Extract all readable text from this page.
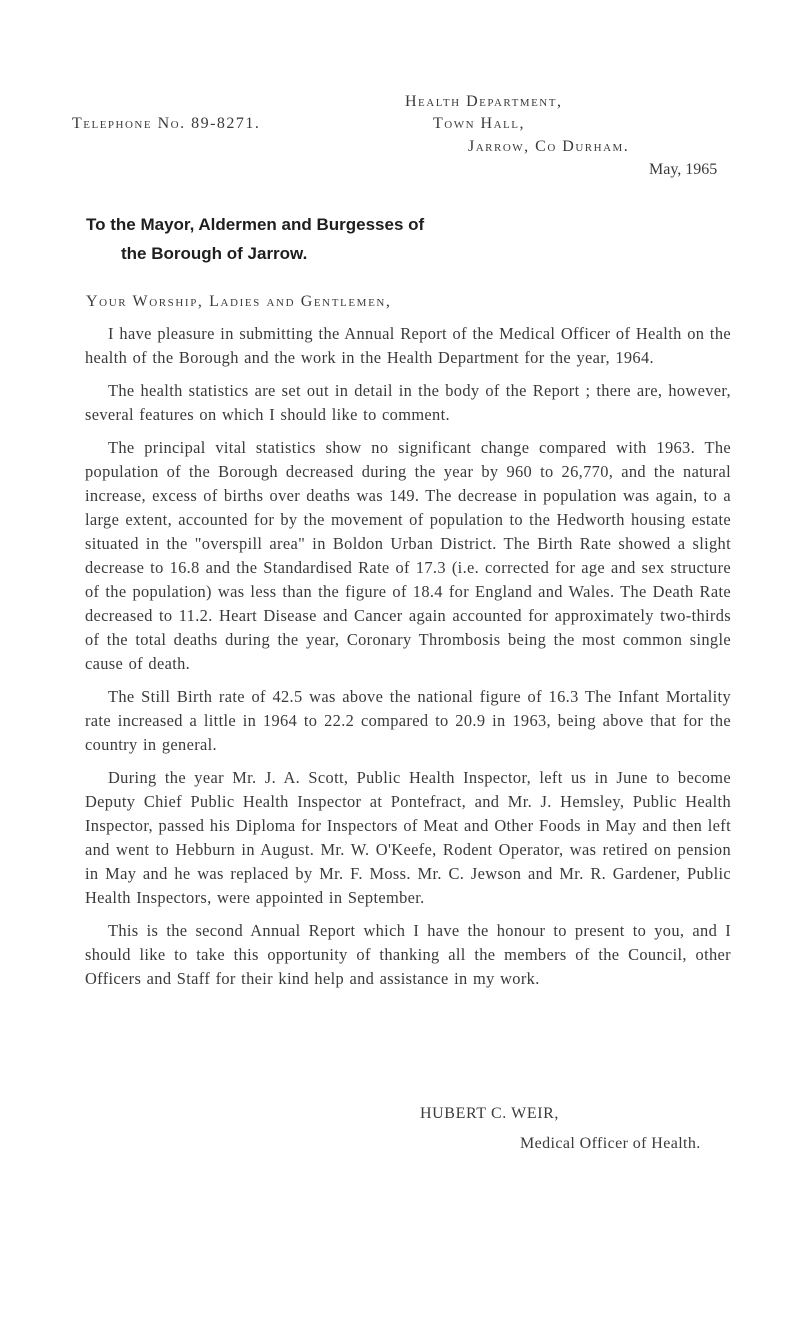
Health Department,
Telephone No. 89-8271.	Town Hall,
Jarrow, Co Durham.
May, 1965
To the Mayor, Aldermen and Burgesses of
the Borough of Jarrow.
Your Worship, Ladies and Gentlemen,

I have pleasure in submitting the Annual Report of the Medical Officer of Health on the health of the Borough and the work in the Health Department for the year, 1964.

The health statistics are set out in detail in the body of the Report ; there are, however, several features on which I should like to comment.

The principal vital statistics show no significant change compared with 1963. The population of the Borough decreased during the year by 960 to 26,770, and the natural increase, excess of births over deaths was 149. The decrease in population was again, to a large extent, accounted for by the movement of population to the Hedworth housing estate situated in the "overspill area" in Boldon Urban District. The Birth Rate showed a slight decrease to 16.8 and the Standardised Rate of 17.3 (i.e. corrected for age and sex structure of the population) was less than the figure of 18.4 for England and Wales. The Death Rate decreased to 11.2. Heart Disease and Cancer again accounted for approximately two-thirds of the total deaths during the year, Coronary Thrombosis being the most common single cause of death.

The Still Birth rate of 42.5 was above the national figure of 16.3 The Infant Mortality rate increased a little in 1964 to 22.2 compared to 20.9 in 1963, being above that for the country in general.

During the year Mr. J. A. Scott, Public Health Inspector, left us in June to become Deputy Chief Public Health Inspector at Pontefract, and Mr. J. Hemsley, Public Health Inspector, passed his Diploma for Inspectors of Meat and Other Foods in May and then left and went to Hebburn in August. Mr. W. O'Keefe, Rodent Operator, was retired on pension in May and he was replaced by Mr. F. Moss. Mr. C. Jewson and Mr. R. Gardener, Public Health Inspectors, were appointed in September.

This is the second Annual Report which I have the honour to present to you, and I should like to take this opportunity of thanking all the members of the Council, other Officers and Staff for their kind help and assistance in my work.

HUBERT C. WEIR,
Medical Officer of Health.
